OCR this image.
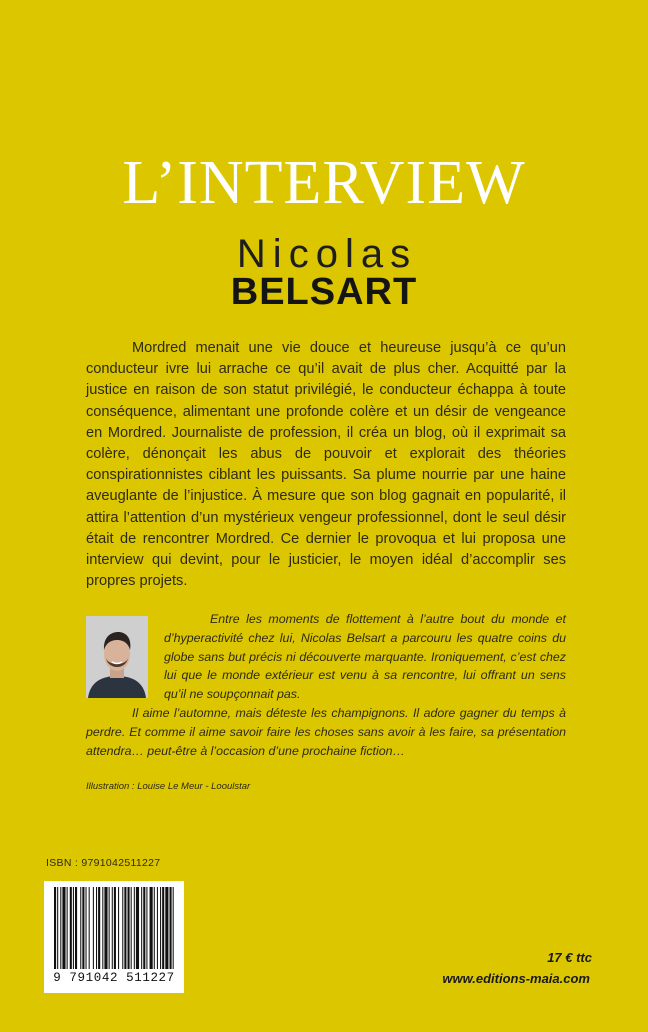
L’INTERVIEW
Nicolas
BELSART

Mordred menait une vie douce et heureuse jusqu’à ce qu’un conducteur ivre lui arrache ce qu’il avait de plus cher. Acquitté par la justice en raison de son statut privilégié, le conducteur échappa à toute conséquence, alimentant une profonde colère et un désir de vengeance en Mordred. Journaliste de profession, il créa un blog, où il exprimait sa colère, dénonçait les abus de pouvoir et explorait des théories conspirationnistes ciblant les puissants. Sa plume nourrie par une haine aveuglante de l’injustice. À mesure que son blog gagnait en popularité, il attira l’attention d’un mystérieux vengeur professionnel, dont le seul désir était de rencontrer Mordred. Ce dernier le provoqua et lui proposa une interview qui devint, pour le justicier, le moyen idéal d’accomplir ses propres projets.

Entre les moments de flottement à l’autre bout du monde et d’hyperactivité chez lui, Nicolas Belsart a parcouru les quatre coins du globe sans but précis ni découverte marquante. Ironiquement, c’est chez lui que le monde extérieur est venu à sa rencontre, lui offrant un sens qu’il ne soupçonnait pas.
Il aime l’automne, mais déteste les champignons. Il adore gagner du temps à perdre. Et comme il aime savoir faire les choses sans avoir à les faire, sa présentation attendra… peut-être à l’occasion d’une prochaine fiction…
Illustration : Louise Le Meur - Looulstar
ISBN : 9791042511227
9 791042 511227
17 € ttc
www.editions-maia.com
